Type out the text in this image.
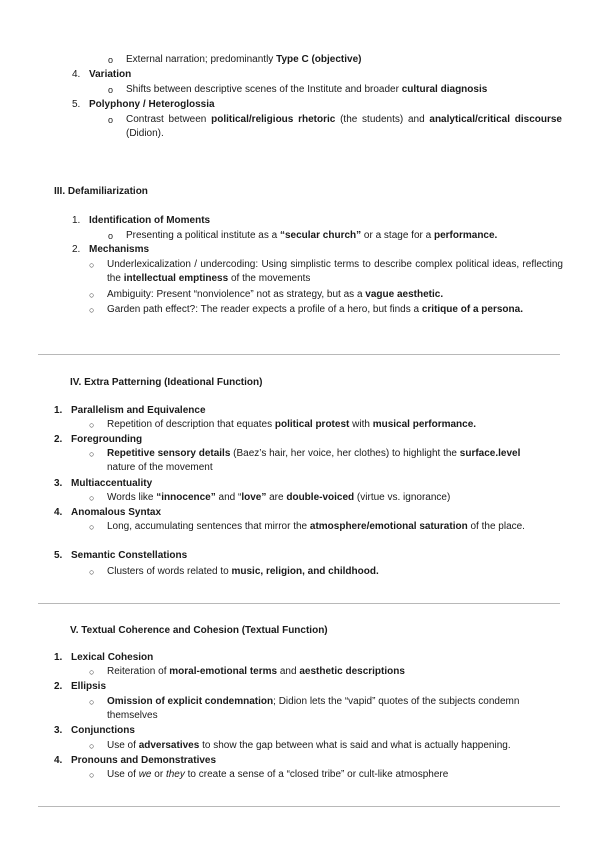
o External narration; predominantly Type C (objective)
4. Variation
o Shifts between descriptive scenes of the Institute and broader cultural diagnosis
5. Polyphony / Heteroglossia
o Contrast between political/religious rhetoric (the students) and analytical/critical discourse (Didion).
III. Defamiliarization
1. Identification of Moments
o Presenting a political institute as a “secular church” or a stage for a performance.
2. Mechanisms
○ Underlexicalization / undercoding: Using simplistic terms to describe complex political ideas, reflecting the intellectual emptiness of the movements
○ Ambiguity: Present “nonviolence” not as strategy, but as a vague aesthetic.
○ Garden path effect?: The reader expects a profile of a hero, but finds a critique of a persona.
IV. Extra Patterning (Ideational Function)
1. Parallelism and Equivalence
○ Repetition of description that equates political protest with musical performance.
2. Foregrounding
○ Repetitive sensory details (Baez’s hair, her voice, her clothes) to highlight the surface.level nature of the movement
3. Multiaccentuality
○ Words like “innocence” and “love” are double-voiced (virtue vs. ignorance)
4. Anomalous Syntax
○ Long, accumulating sentences that mirror the atmosphere/emotional saturation of the place.
5. Semantic Constellations
○ Clusters of words related to music, religion, and childhood.
V. Textual Coherence and Cohesion (Textual Function)
1. Lexical Cohesion
○ Reiteration of moral-emotional terms and aesthetic descriptions
2. Ellipsis
○ Omission of explicit condemnation; Didion lets the “vapid” quotes of the subjects condemn themselves
3. Conjunctions
○ Use of adversatives to show the gap between what is said and what is actually happening.
4. Pronouns and Demonstratives
○ Use of we or they to create a sense of a “closed tribe” or cult-like atmosphere
